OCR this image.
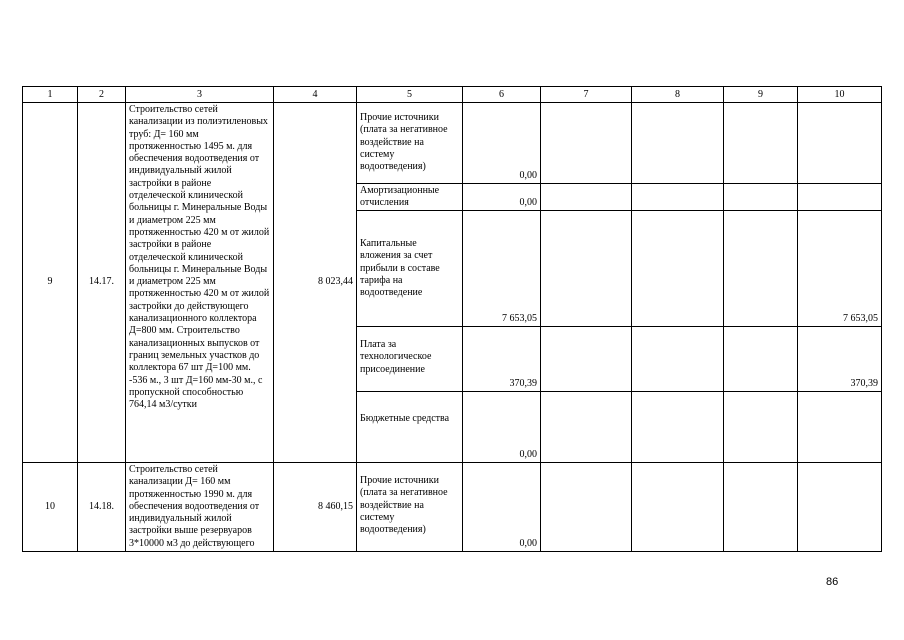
1	2	3	4	5	6	7	8	9	10
9	14.17.	Строительство сетей канализации из полиэтиленовых труб: Д= 160 мм протяженностью 1495 м. для обеспечения водоотведения от индивидуальный жилой застройки в районе отделеческой клинической больницы г. Минеральные Воды и диаметром 225 мм протяженностью 420 м от жилой застройки в районе отделеческой клинической больницы г. Минеральные Воды и диаметром 225 мм протяженностью 420 м от жилой застройки до действующего канализационного коллектора Д=800 мм. Строительство канализационных выпусков от границ земельных участков до коллектора 67 шт Д=100 мм. -536 м., 3 шт Д=160 мм-30 м., с пропускной способностью 764,14 м3/сутки	8 023,44	Прочие источники (плата за негативное воздействие на систему водоотведения)	0,00				

				Амортизационные отчисления	0,00				

				Капитальные вложения за счет прибыли в составе тарифа на водоотведение	7 653,05				7 653,05

				Плата за технологическое присоединение	370,39				370,39

				Бюджетные средства	0,00				
10	14.18.	Строительство сетей канализации Д= 160 мм протяженностью 1990 м. для обеспечения водоотведения от индивидуальный жилой застройки выше резервуаров 3*10000 м3 до действующего	8 460,15	Прочие источники (плата за негативное воздействие на систему водоотведения)	0,00				
86
